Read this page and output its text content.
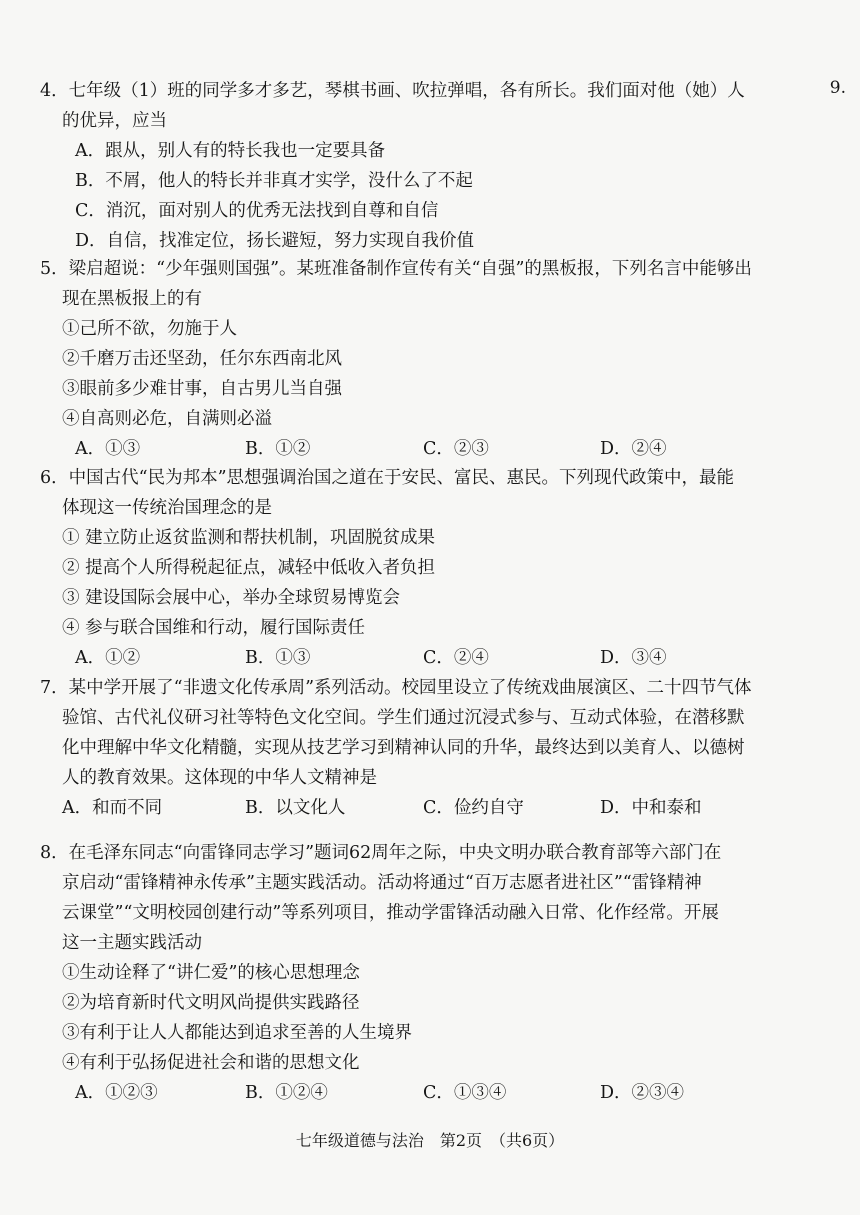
9.
4．七年级（1）班的同学多才多艺，琴棋书画、吹拉弹唱，各有所长。我们面对他（她）人
的优异，应当
A．跟从，别人有的特长我也一定要具备
B．不屑，他人的特长并非真才实学，没什么了不起
C．消沉，面对别人的优秀无法找到自尊和自信
D．自信，找准定位，扬长避短，努力实现自我价值
5．梁启超说：“少年强则国强”。某班准备制作宣传有关“自强”的黑板报，下列名言中能够出
现在黑板报上的有
①己所不欲，勿施于人
②千磨万击还坚劲，任尔东西南北风
③眼前多少难甘事，自古男儿当自强
④自高则必危，自满则必溢
A．①③	B．①②	C．②③	D．②④
6．中国古代“民为邦本”思想强调治国之道在于安民、富民、惠民。下列现代政策中，最能
体现这一传统治国理念的是
① 建立防止返贫监测和帮扶机制，巩固脱贫成果
② 提高个人所得税起征点，减轻中低收入者负担
③ 建设国际会展中心，举办全球贸易博览会
④ 参与联合国维和行动，履行国际责任
A．①②	B．①③	C．②④	D．③④
7．某中学开展了“非遗文化传承周”系列活动。校园里设立了传统戏曲展演区、二十四节气体
验馆、古代礼仪研习社等特色文化空间。学生们通过沉浸式参与、互动式体验，在潜移默
化中理解中华文化精髓，实现从技艺学习到精神认同的升华，最终达到以美育人、以德树
人的教育效果。这体现的中华人文精神是
A．和而不同	B．以文化人	C．俭约自守	D．中和泰和
8．在毛泽东同志“向雷锋同志学习”题词62周年之际，中央文明办联合教育部等六部门在
京启动“雷锋精神永传承”主题实践活动。活动将通过“百万志愿者进社区”“雷锋精神
云课堂”“文明校园创建行动”等系列项目，推动学雷锋活动融入日常、化作经常。开展
这一主题实践活动
①生动诠释了“讲仁爱”的核心思想理念
②为培育新时代文明风尚提供实践路径
③有利于让人人都能达到追求至善的人生境界
④有利于弘扬促进社会和谐的思想文化
A．①②③	B．①②④	C．①③④	D．②③④
七年级道德与法治　第2页　（共6页）
